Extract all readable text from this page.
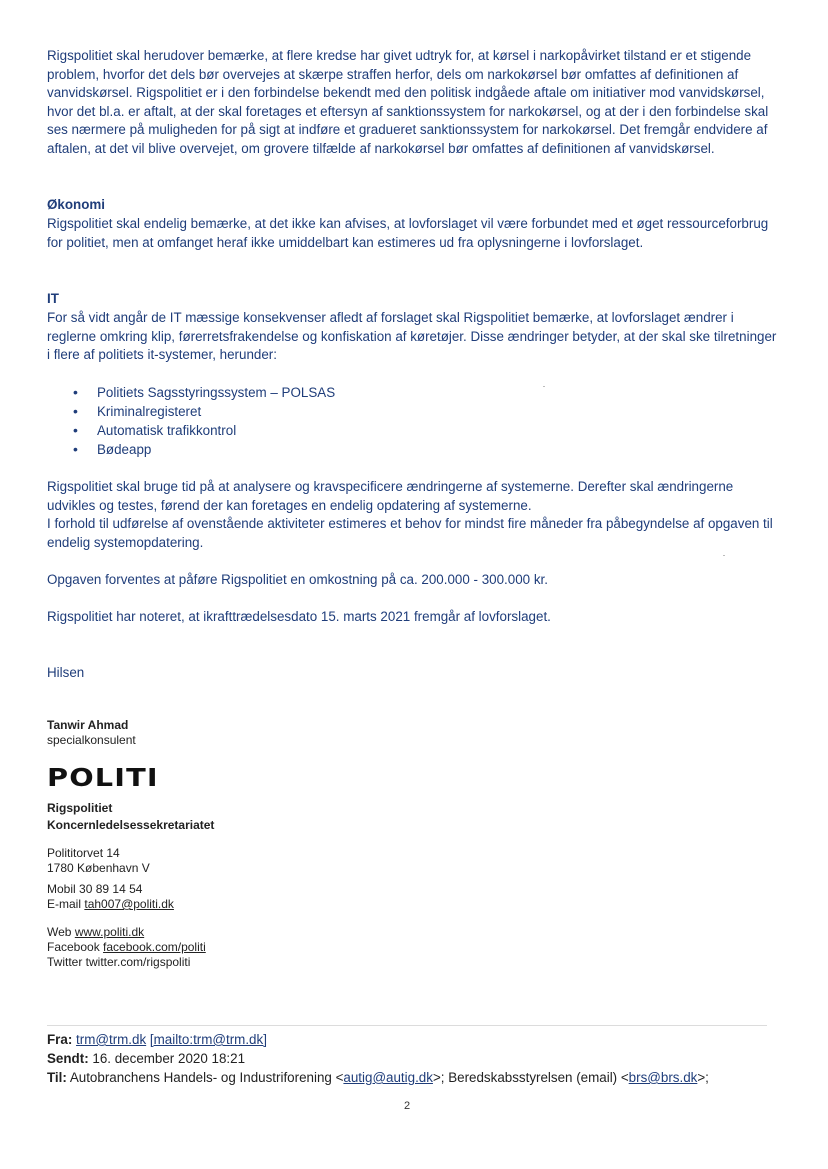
Rigspolitiet skal herudover bemærke, at flere kredse har givet udtryk for, at kørsel i narkopåvirket tilstand er et stigende problem, hvorfor det dels bør overvejes at skærpe straffen herfor, dels om narkokørsel bør omfattes af definitionen af vanvidskørsel. Rigspolitiet er i den forbindelse bekendt med den politisk indgåede aftale om initiativer mod vanvidskørsel, hvor det bl.a. er aftalt, at der skal foretages et eftersyn af sanktionssystem for narkokørsel, og at der i den forbindelse skal ses nærmere på muligheden for på sigt at indføre et gradueret sanktionssystem for narkokørsel. Det fremgår endvidere af aftalen, at det vil blive overvejet, om grovere tilfælde af narkokørsel bør omfattes af definitionen af vanvidskørsel.

Økonomi

Rigspolitiet skal endelig bemærke, at det ikke kan afvises, at lovforslaget vil være forbundet med et øget ressourceforbrug for politiet, men at omfanget heraf ikke umiddelbart kan estimeres ud fra oplysningerne i lovforslaget.

IT

For så vidt angår de IT mæssige konsekvenser afledt af forslaget skal Rigspolitiet bemærke, at lovforslaget ændrer i reglerne omkring klip, førerretsfrakendelse og konfiskation af køretøjer. Disse ændringer betyder, at der skal ske tilretninger i flere af politiets it-systemer, herunder:

• Politiets Sagsstyringssystem – POLSAS
• Kriminalregisteret
• Automatisk trafikkontrol
• Bødeapp

Rigspolitiet skal bruge tid på at analysere og kravspecificere ændringerne af systemerne. Derefter skal ændringerne udvikles og testes, førend der kan foretages en endelig opdatering af systemerne.

I forhold til udførelse af ovenstående aktiviteter estimeres et behov for mindst fire måneder fra påbegyndelse af opgaven til endelig systemopdatering.

Opgaven forventes at påføre Rigspolitiet en omkostning på ca. 200.000 - 300.000 kr.

Rigspolitiet har noteret, at ikrafttrædelsesdato 15. marts 2021 fremgår af lovforslaget.

Hilsen

Tanwir Ahmad
specialkonsulent
POLITI
Rigspolitiet
Koncernledelsessekretariatet
Polititorvet 14
1780 København V
Mobil 30 89 14 54
E-mail tah007@politi.dk
Web www.politi.dk
Facebook facebook.com/politi
Twitter twitter.com/rigspoliti
Fra: trm@trm.dk [mailto:trm@trm.dk]
Sendt: 16. december 2020 18:21
Til: Autobranchens Handels- og Industriforening <autig@autig.dk>; Beredskabsstyrelsen (email) <brs@brs.dk>;
2
